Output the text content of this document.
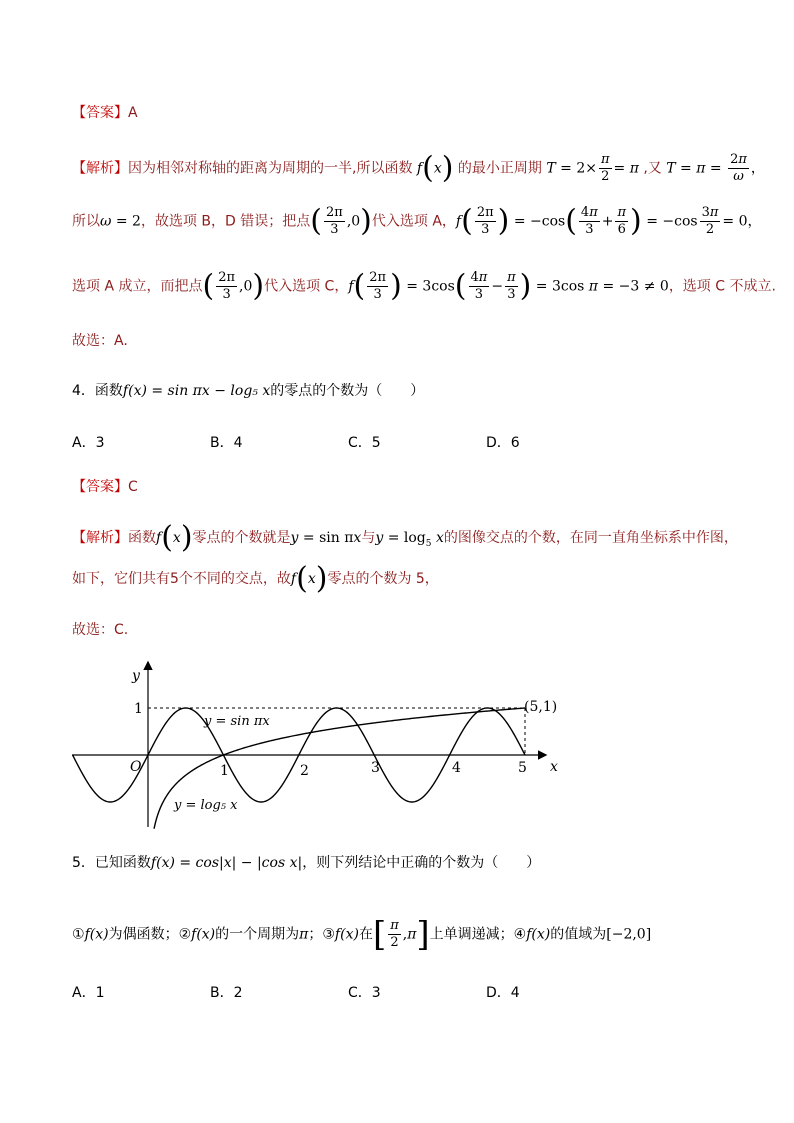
【答案】A
【解析】因为相邻对称轴的距离为周期的一半,所以函数 f(x) 的最小正周期 $T = 2\times \frac{\pi}{2} = \pi$ ,又 $T = \pi = \frac{2\pi}{\omega}$ ，
所以ω = 2，故选项 B，D 错误；把点( $\frac{2\pi}{3} ,0$)代入选项 A，$f( \frac{2\pi}{3}$ ) = $-\cos( \frac{4\pi}{3} + \frac{\pi}{6}$ ) = $-\cos \frac{3\pi}{2} = 0$，
选项 A 成立，而把点( $\frac{2\pi}{3} ,0$)代入选项 C，$f( \frac{2\pi}{3}$ ) = $3\cos( \frac{4\pi}{3} - \frac{\pi}{3}$ ) = 3cos π = −3 ≠ 0，选项 C 不成立.
故选：A.
4．函数f(x) = sin πx − log₅ x的零点的个数为（　　）
A．3	B．4	C．5	D．6
【答案】C
【解析】函数f(x)零点的个数就是y = sin πx与$y = \log_5 x$的图像交点的个数，在同一直角坐标系中作图，
如下，它们共有5个不同的交点，故f(x)零点的个数为 5，
故选：C.
y
x
O
1
1	2	3	4	5
(5,1)
y = sin πx
y = log₅ x
5．已知函数f(x) = cos|x| − |cos x|，则下列结论中正确的个数为（　　）
①f(x)为偶函数；②f(x)的一个周期为π；③f(x)在[ $\frac{\pi}{2} ,\pi$]上单调递减；④f(x)的值域为[−2,0]
A．1	B．2	C．3	D．4
